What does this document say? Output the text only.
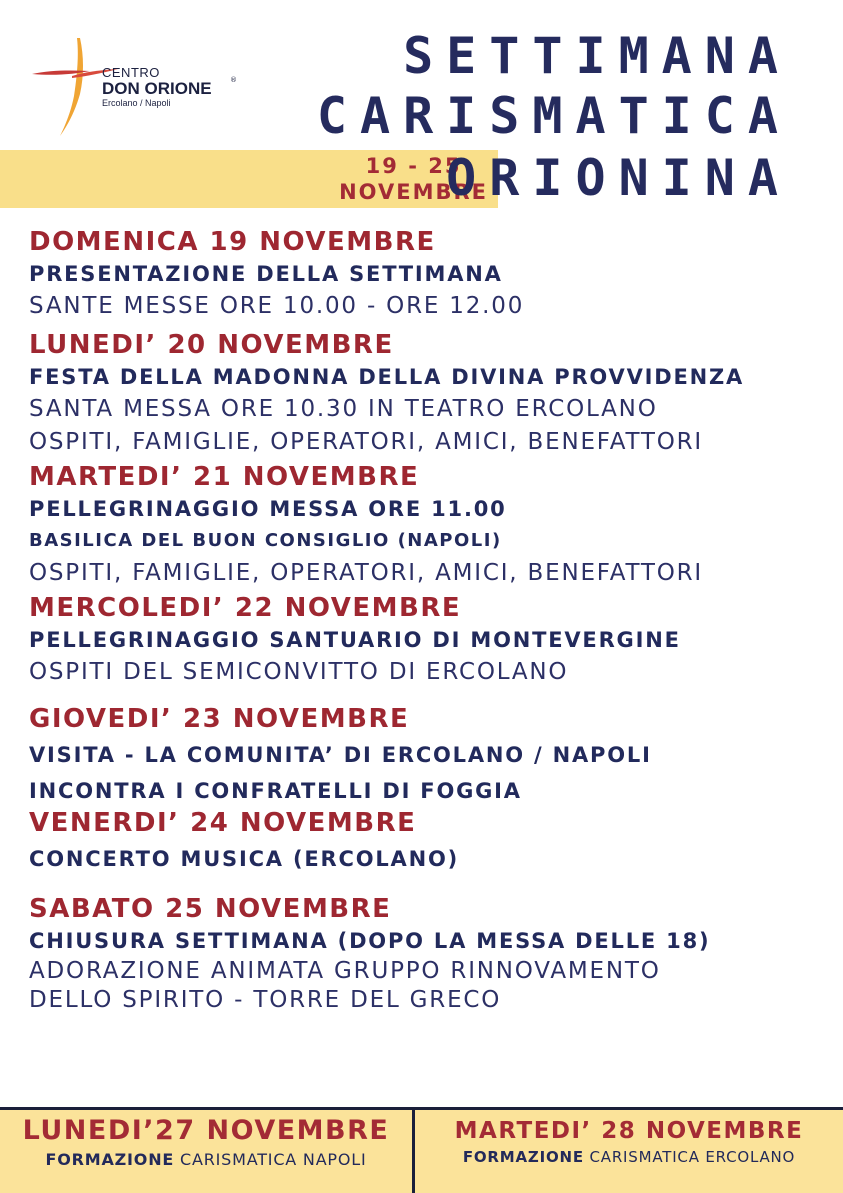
CENTRO
DON ORIONE
Ercolano / Napoli
®	SETTIMANA
CARISMATICA
19 - 25
NOVEMBRE
ORIONINA
DOMENICA 19 NOVEMBRE
PRESENTAZIONE DELLA SETTIMANA
SANTE MESSE ORE 10.00 - ORE 12.00
LUNEDI’ 20 NOVEMBRE
FESTA DELLA MADONNA DELLA DIVINA PROVVIDENZA
SANTA MESSA ORE 10.30 IN TEATRO ERCOLANO
OSPITI, FAMIGLIE, OPERATORI, AMICI, BENEFATTORI
MARTEDI’ 21 NOVEMBRE
PELLEGRINAGGIO MESSA ORE 11.00
BASILICA DEL BUON CONSIGLIO (NAPOLI)
OSPITI, FAMIGLIE, OPERATORI, AMICI, BENEFATTORI
MERCOLEDI’ 22 NOVEMBRE
PELLEGRINAGGIO SANTUARIO DI MONTEVERGINE
OSPITI DEL SEMICONVITTO DI ERCOLANO
GIOVEDI’ 23 NOVEMBRE
VISITA - LA COMUNITA’ DI ERCOLANO / NAPOLI
INCONTRA I CONFRATELLI DI FOGGIA
VENERDI’ 24 NOVEMBRE
CONCERTO MUSICA (ERCOLANO)
SABATO 25 NOVEMBRE
CHIUSURA SETTIMANA (DOPO LA MESSA DELLE 18)
ADORAZIONE ANIMATA GRUPPO RINNOVAMENTO
DELLO SPIRITO - TORRE DEL GRECO
LUNEDI’27 NOVEMBRE
FORMAZIONE CARISMATICA NAPOLI
MARTEDI’ 28 NOVEMBRE
FORMAZIONE CARISMATICA ERCOLANO
